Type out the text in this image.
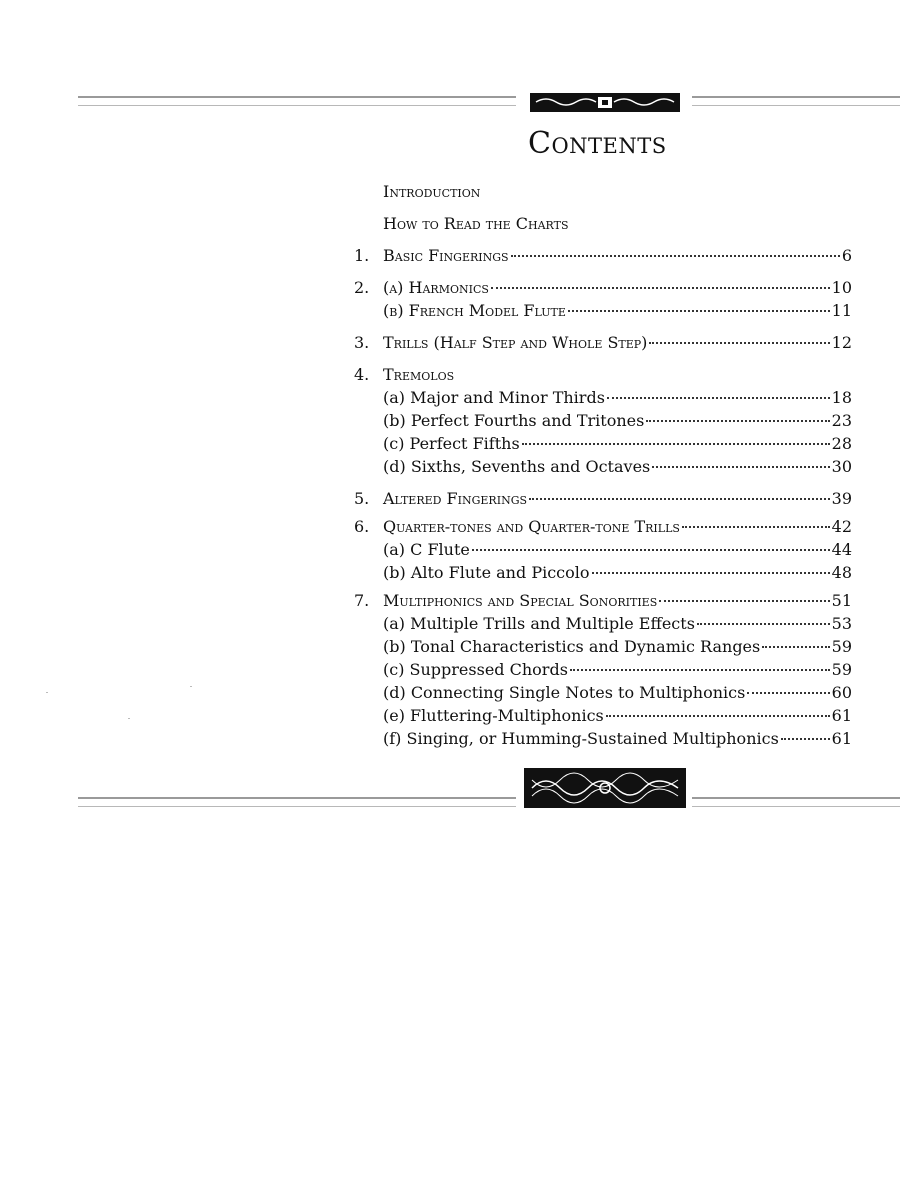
Contents
Introduction
How to Read the Charts
1. Basic Fingerings	6
2. (a) Harmonics	10
(b) French Model Flute	11
3. Trills (Half Step and Whole Step)	12
4. Tremolos
(a) Major and Minor Thirds	18
(b) Perfect Fourths and Tritones	23
(c) Perfect Fifths	28
(d) Sixths, Sevenths and Octaves	30
5. Altered Fingerings	39
6. Quarter-tones and Quarter-tone Trills	42
(a) C Flute	44
(b) Alto Flute and Piccolo	48
7. Multiphonics and Special Sonorities	51
(a) Multiple Trills and Multiple Effects	53
(b) Tonal Characteristics and Dynamic Ranges	59
(c) Suppressed Chords	59
(d) Connecting Single Notes to Multiphonics	60
(e) Fluttering-Multiphonics	61
(f) Singing, or Humming-Sustained Multiphonics	61
